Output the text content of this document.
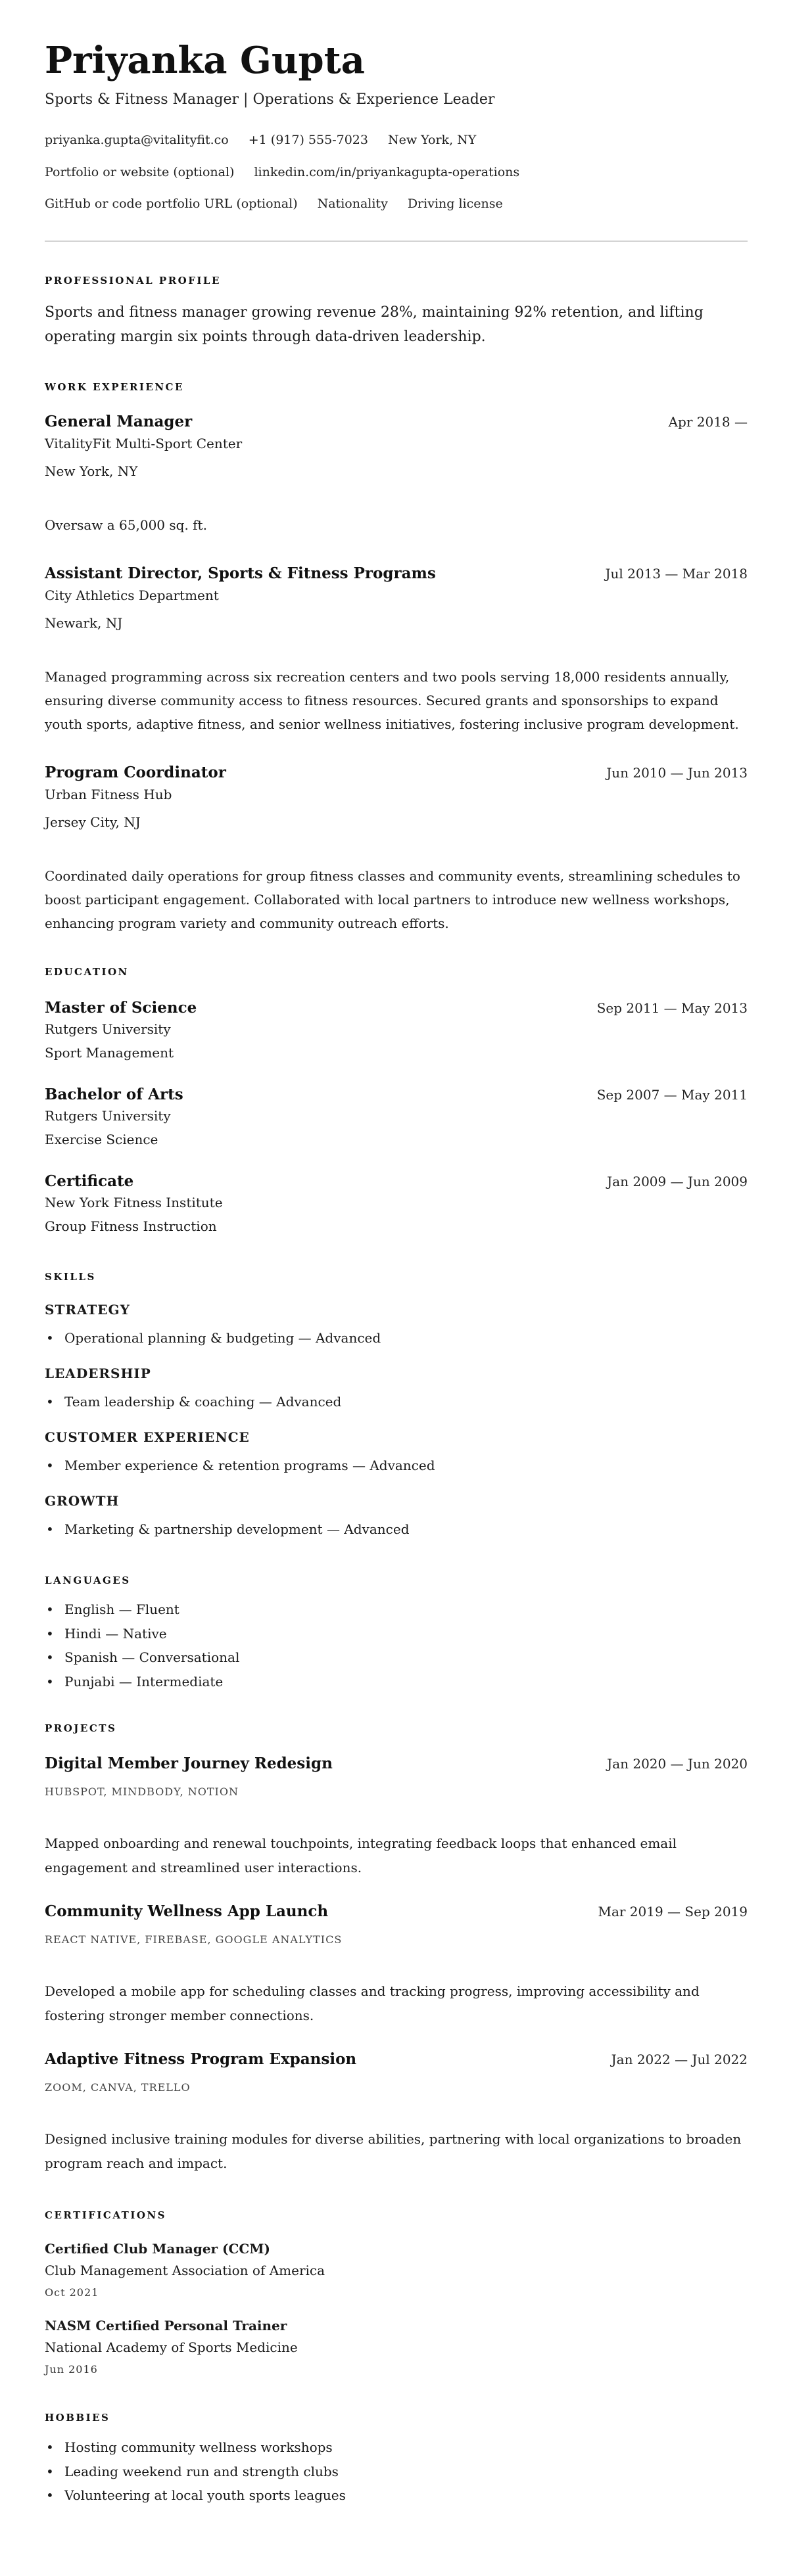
Priyanka Gupta
Sports & Fitness Manager | Operations & Experience Leader
priyanka.gupta@vitalityfit.co +1 (917) 555-7023 New York, NY
Portfolio or website (optional) linkedin.com/in/priyankagupta-operations
GitHub or code portfolio URL (optional) Nationality Driving license
PROFESSIONAL PROFILE

Sports and fitness manager growing revenue 28%, maintaining 92% retention, and lifting operating margin six points through data-driven leadership.

WORK EXPERIENCE
General Manager	Apr 2018 —
VitalityFit Multi-Sport Center
New York, NY

Oversaw a 65,000 sq. ft.

Assistant Director, Sports & Fitness Programs	Jul 2013 — Mar 2018
City Athletics Department
Newark, NJ

Managed programming across six recreation centers and two pools serving 18,000 residents annually, ensuring diverse community access to fitness resources. Secured grants and sponsorships to expand youth sports, adaptive fitness, and senior wellness initiatives, fostering inclusive program development.

Program Coordinator	Jun 2010 — Jun 2013
Urban Fitness Hub
Jersey City, NJ

Coordinated daily operations for group fitness classes and community events, streamlining schedules to boost participant engagement. Collaborated with local partners to introduce new wellness workshops, enhancing program variety and community outreach efforts.

EDUCATION
Master of Science	Sep 2011 — May 2013
Rutgers University
Sport Management
Bachelor of Arts	Sep 2007 — May 2011
Rutgers University
Exercise Science
Certificate	Jan 2009 — Jun 2009
New York Fitness Institute
Group Fitness Instruction
SKILLS
STRATEGY
• Operational planning & budgeting — Advanced
LEADERSHIP
• Team leadership & coaching — Advanced
CUSTOMER EXPERIENCE
• Member experience & retention programs — Advanced
GROWTH
• Marketing & partnership development — Advanced
LANGUAGES
• English — Fluent
• Hindi — Native
• Spanish — Conversational
• Punjabi — Intermediate
PROJECTS
Digital Member Journey Redesign	Jan 2020 — Jun 2020
HUBSPOT, MINDBODY, NOTION

Mapped onboarding and renewal touchpoints, integrating feedback loops that enhanced email engagement and streamlined user interactions.

Community Wellness App Launch	Mar 2019 — Sep 2019
REACT NATIVE, FIREBASE, GOOGLE ANALYTICS

Developed a mobile app for scheduling classes and tracking progress, improving accessibility and fostering stronger member connections.

Adaptive Fitness Program Expansion	Jan 2022 — Jul 2022
ZOOM, CANVA, TRELLO

Designed inclusive training modules for diverse abilities, partnering with local organizations to broaden program reach and impact.

CERTIFICATIONS
Certified Club Manager (CCM)
Club Management Association of America
Oct 2021
NASM Certified Personal Trainer
National Academy of Sports Medicine
Jun 2016
HOBBIES
• Hosting community wellness workshops
• Leading weekend run and strength clubs
• Volunteering at local youth sports leagues
